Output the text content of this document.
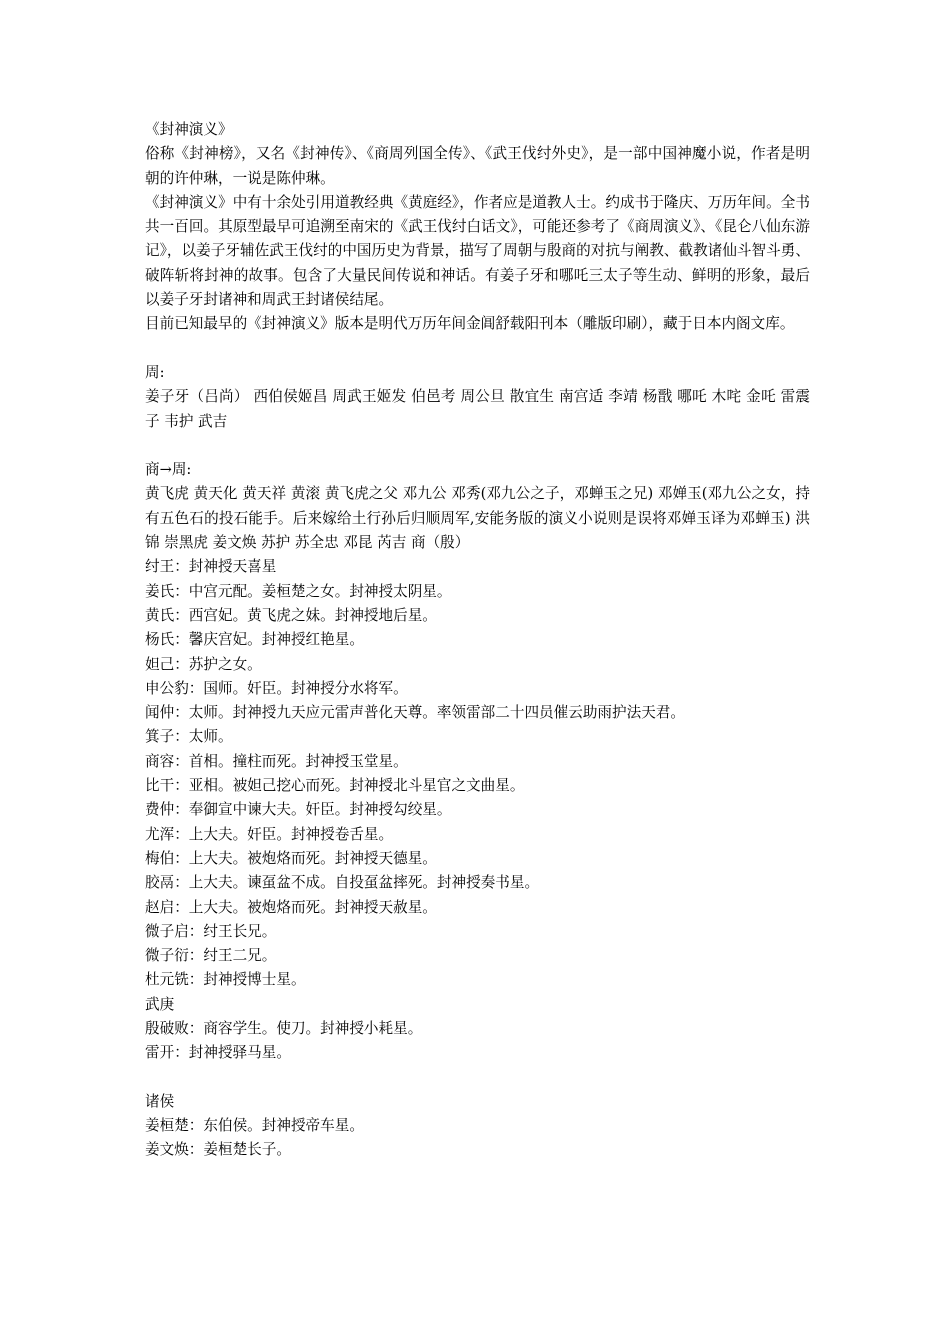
《封神演义》

俗称《封神榜》，又名《封神传》、《商周列国全传》、《武王伐纣外史》，是一部中国神魔小说，作者是明朝的许仲琳，一说是陈仲琳。

《封神演义》中有十余处引用道教经典《黄庭经》，作者应是道教人士。约成书于隆庆、万历年间。全书共一百回。其原型最早可追溯至南宋的《武王伐纣白话文》，可能还参考了《商周演义》、《昆仑八仙东游记》，以姜子牙辅佐武王伐纣的中国历史为背景，描写了周朝与殷商的对抗与阐教、截教诸仙斗智斗勇、破阵斩将封神的故事。包含了大量民间传说和神话。有姜子牙和哪吒三太子等生动、鲜明的形象，最后以姜子牙封诸神和周武王封诸侯结尾。

目前已知最早的《封神演义》版本是明代万历年间金阊舒载阳刊本（雕版印刷），藏于日本内阁文库。

周:

姜子牙（吕尚） 西伯侯姬昌 周武王姬发 伯邑考 周公旦 散宜生 南宫适 李靖 杨戬 哪吒 木咤 金吒 雷震子 韦护 武吉

商→周:

黄飞虎 黄天化 黄天祥 黄滚 黄飞虎之父 邓九公 邓秀(邓九公之子，邓蝉玉之兄) 邓婵玉(邓九公之女，持有五色石的投石能手。后来嫁给土行孙后归顺周军,安能务版的演义小说则是误将邓婵玉译为邓蝉玉) 洪锦 崇黑虎 姜文焕 苏护 苏全忠 邓昆 芮吉 商（殷）

纣王：封神授天喜星

姜氏：中宫元配。姜桓楚之女。封神授太阴星。

黄氏：西宫妃。黄飞虎之妹。封神授地后星。

杨氏：馨庆宫妃。封神授红艳星。

妲己：苏护之女。

申公豹：国师。奸臣。封神授分水将军。

闻仲：太师。封神授九天应元雷声普化天尊。率领雷部二十四员催云助雨护法天君。

箕子：太师。

商容：首相。撞柱而死。封神授玉堂星。

比干：亚相。被妲己挖心而死。封神授北斗星官之文曲星。

费仲：奉御宣中谏大夫。奸臣。封神授勾绞星。

尤浑：上大夫。奸臣。封神授卷舌星。

梅伯：上大夫。被炮烙而死。封神授天德星。

胶鬲：上大夫。谏虿盆不成。自投虿盆摔死。封神授奏书星。

赵启：上大夫。被炮烙而死。封神授天赦星。

微子启：纣王长兄。

微子衍：纣王二兄。

杜元铣：封神授博士星。

武庚

殷破败：商容学生。使刀。封神授小耗星。

雷开：封神授驿马星。

诸侯

姜桓楚：东伯侯。封神授帝车星。

姜文焕：姜桓楚长子。
